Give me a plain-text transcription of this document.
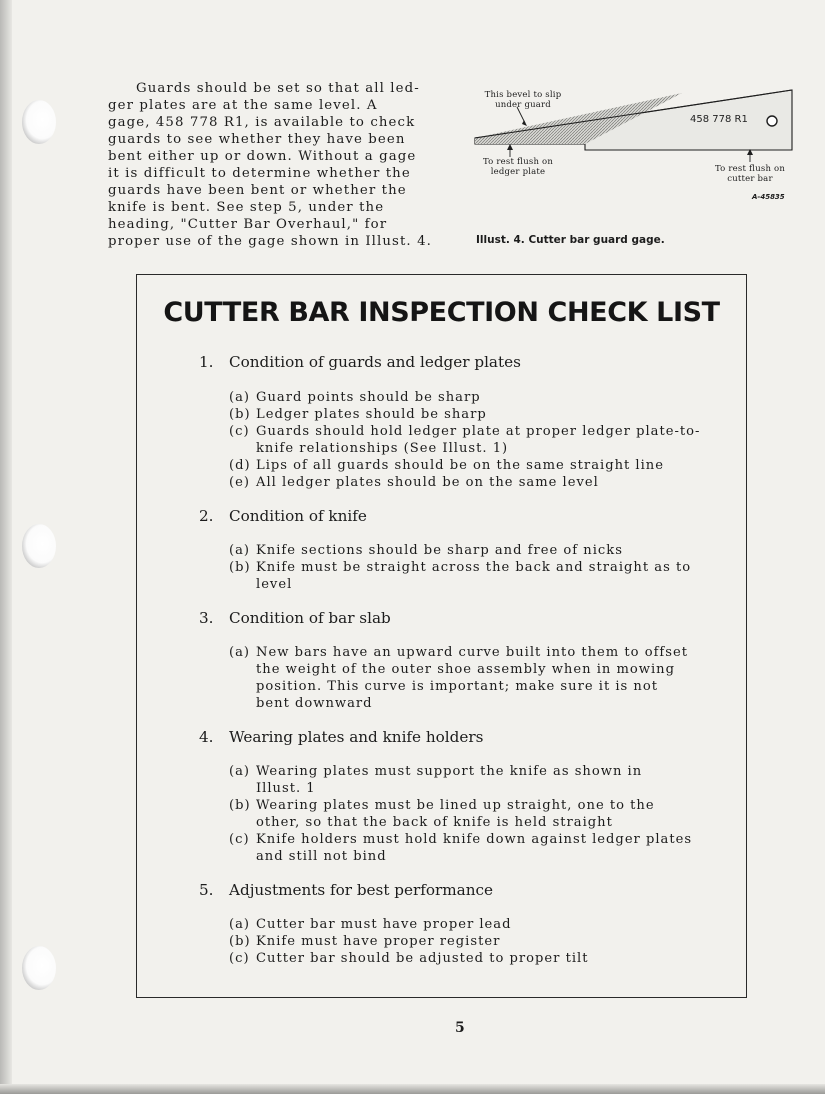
Guards should be set so that all led-
ger plates are at the same level. A
gage, 458 778 R1, is available to check
guards to see whether they have been
bent either up or down. Without a gage
it is difficult to determine whether the
guards have been bent or whether the
knife is bent. See step 5, under the
heading, "Cutter Bar Overhaul," for
proper use of the gage shown in Illust. 4.

This bevel to slip under guard
To rest flush on ledger plate	To rest flush on cutter bar
458 778 R1
A-45835
Illust. 4. Cutter bar guard gage.
CUTTER BAR INSPECTION CHECK LIST
1. Condition of guards and ledger plates
(a) Guard points should be sharp
(b) Ledger plates should be sharp
(c) Guards should hold ledger plate at proper ledger plate-to-
knife relationships (See Illust. 1)
(d) Lips of all guards should be on the same straight line
(e) All ledger plates should be on the same level
2. Condition of knife
(a) Knife sections should be sharp and free of nicks
(b) Knife must be straight across the back and straight as to
level
3. Condition of bar slab
(a) New bars have an upward curve built into them to offset
the weight of the outer shoe assembly when in mowing
position. This curve is important; make sure it is not
bent downward
4. Wearing plates and knife holders
(a) Wearing plates must support the knife as shown in
Illust. 1
(b) Wearing plates must be lined up straight, one to the
other, so that the back of knife is held straight
(c) Knife holders must hold knife down against ledger plates
and still not bind
5. Adjustments for best performance
(a) Cutter bar must have proper lead
(b) Knife must have proper register
(c) Cutter bar should be adjusted to proper tilt
5
